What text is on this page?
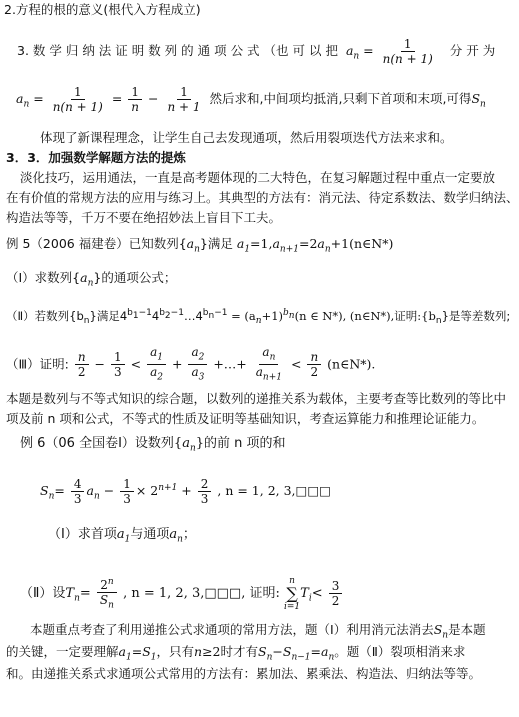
2.方程的根的意义(根代入方程成立)
3. 数 学 归 纳 法 证 明 数 列 的 通 项 公 式 （也 可 以 把 $a_n = \frac{1}{n(n + 1)}$ 分 开 为
$a_n = \frac{1}{n(n + 1)} = \frac{1}{n} - \frac{1}{n + 1}$ 然后求和,中间项均抵消,只剩下首项和末项,可得$S_n$
体现了新课程理念，让学生自己去发现通项，然后用裂项迭代方法来求和。
3．3．加强数学解题方法的提炼
淡化技巧，运用通法，一直是高考题体现的二大特色，在复习解题过程中重点一定要放
在有价值的常规方法的应用与练习上。其典型的方法有：消元法、待定系数法、数学归纳法、
构造法等等，千万不要在绝招妙法上盲目下工夫。
例 5（2006 福建卷）已知数列$\{a_n\}$满足 $a_1=1,a_{n+1}=2a_n+1(n\in N*)$
（Ⅰ）求数列$\{a_n\}$的通项公式；
（Ⅱ）若数列$\{b_n\}$满足$4^{b_1-1}4^{b_2-1}\dots 4^{b_n-1} = (a_n+1)^{b_n}(n$ ∈ N*), (n∈N*),证明$:\{b_n\}$是等差数列;
（Ⅲ）证明: $\frac{n}{2} - \frac{1}{3} < \frac{a_1}{a_2} + \frac{a_2}{a_3}$ +…+ $\frac{a_n}{a_{n+1}} < \frac{n}{2}$ (n∈N*).
本题是数列与不等式知识的综合题，以数列的递推关系为载体，主要考查等比数列的等比中
项及前 n 项和公式，不等式的性质及证明等基础知识，考查运算能力和推理论证能力。
例 6（06 全国卷Ⅰ）设数列$\{a_n\}$的前 n 项的和
$S_n= \frac{4}{3} a_n - \frac{1}{3} \times 2^{n+1} + \frac{2}{3}$ , n = 1, 2, 3,□□□
（Ⅰ）求首项$a_1$与通项$a_n$；
（Ⅱ）设$T_n= \frac{2^n}{S_n}$ , n = 1, 2, 3,□□□, 证明:
n
∑
i=1
$T_i< \frac{3}{2}$
本题重点考查了利用递推公式求通项的常用方法，题（Ⅰ）利用消元法消去$S_n$是本题
的关键，一定要理解$a_1=S_1$，只有n≥2时才有$S_n-S_{n-1}=a_n$。题（Ⅱ）裂项相消来求
和。由递推关系式求通项公式常用的方法有：累加法、累乘法、构造法、归纳法等等。
